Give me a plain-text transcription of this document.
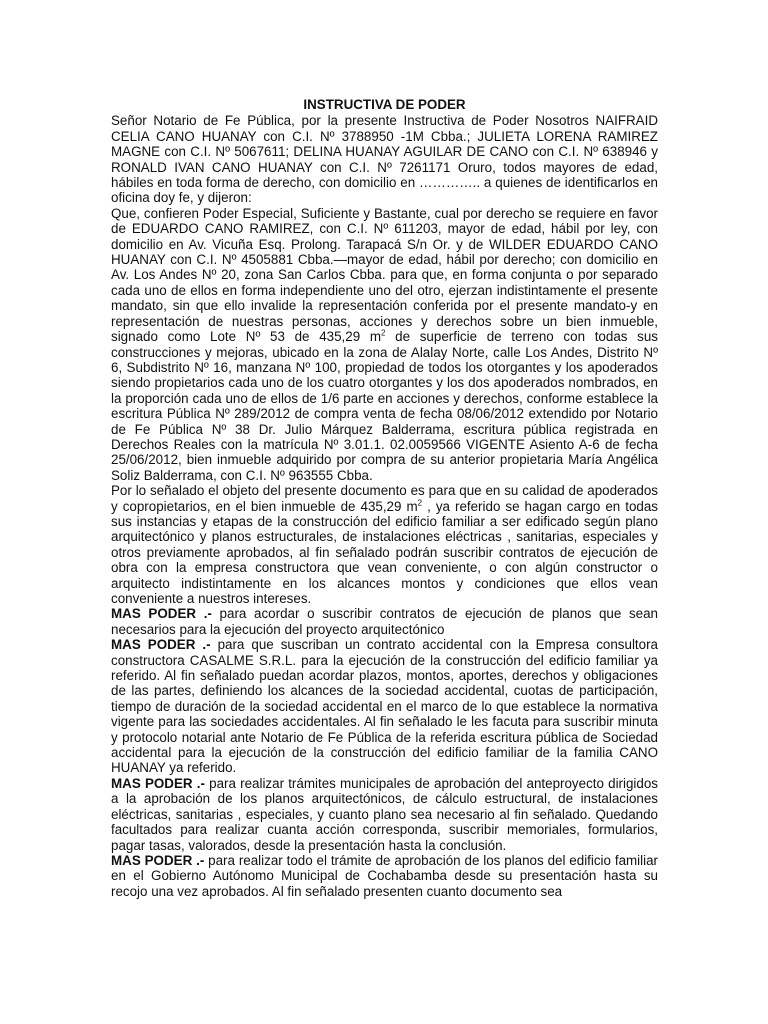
INSTRUCTIVA DE PODER

Señor Notario de Fe Pública, por la presente Instructiva de Poder Nosotros NAIFRAID CELIA CANO HUANAY con C.I. Nº 3788950 -1M Cbba.; JULIETA LORENA RAMIREZ MAGNE con C.I. Nº 5067611; DELINA HUANAY AGUILAR DE CANO con C.I. Nº 638946 y RONALD IVAN CANO HUANAY con C.I. Nº 7261171 Oruro, todos mayores de edad, hábiles en toda forma de derecho, con domicilio en ………….. a quienes de identificarlos en oficina doy fe, y dijeron:

Que, confieren Poder Especial, Suficiente y Bastante, cual por derecho se requiere en favor de EDUARDO CANO RAMIREZ, con C.I. Nº 611203, mayor de edad, hábil por ley, con domicilio en Av. Vicuña Esq. Prolong. Tarapacá S/n Or. y de WILDER EDUARDO CANO HUANAY con C.I. Nº 4505881 Cbba.—mayor de edad, hábil por derecho; con domicilio en Av. Los Andes Nº 20, zona San Carlos Cbba. para que, en forma conjunta o por separado cada uno de ellos en forma independiente uno del otro, ejerzan indistintamente el presente mandato, sin que ello invalide la representación conferida por el presente mandato-y en representación de nuestras personas, acciones y derechos sobre un bien inmueble, signado como Lote Nº 53 de 435,29 $m^2$ de superficie de terreno con todas sus construcciones y mejoras, ubicado en la zona de Alalay Norte, calle Los Andes, Distrito Nº 6, Subdistrito Nº 16, manzana Nº 100, propiedad de todos los otorgantes y los apoderados siendo propietarios cada uno de los cuatro otorgantes y los dos apoderados nombrados, en la proporción cada uno de ellos de 1/6 parte en acciones y derechos, conforme establece la escritura Pública Nº 289/2012 de compra venta de fecha 08/06/2012 extendido por Notario de Fe Pública Nº 38 Dr. Julio Márquez Balderrama, escritura pública registrada en Derechos Reales con la matrícula Nº 3.01.1. 02.0059566 VIGENTE Asiento A-6 de fecha 25/06/2012, bien inmueble adquirido por compra de su anterior propietaria María Angélica Soliz Balderrama, con C.I. Nº 963555 Cbba.

Por lo señalado el objeto del presente documento es para que en su calidad de apoderados y copropietarios, en el bien inmueble de 435,29 $m^2$ , ya referido se hagan cargo en todas sus instancias y etapas de la construcción del edificio familiar a ser edificado según plano arquitectónico y planos estructurales, de instalaciones eléctricas , sanitarias, especiales y otros previamente aprobados, al fin señalado podrán suscribir contratos de ejecución de obra con la empresa constructora que vean conveniente, o con algún constructor o arquitecto indistintamente en los alcances montos y condiciones que ellos vean conveniente a nuestros intereses.

MAS PODER .- para acordar o suscribir contratos de ejecución de planos que sean necesarios para la ejecución del proyecto arquitectónico

MAS PODER .- para que suscriban un contrato accidental con la Empresa consultora constructora CASALME S.R.L. para la ejecución de la construcción del edificio familiar ya referido. Al fin señalado puedan acordar plazos, montos, aportes, derechos y obligaciones de las partes, definiendo los alcances de la sociedad accidental, cuotas de participación, tiempo de duración de la sociedad accidental en el marco de lo que establece la normativa vigente para las sociedades accidentales. Al fin señalado le les facuta para suscribir minuta y protocolo notarial ante Notario de Fe Pública de la referida escritura pública de Sociedad accidental para la ejecución de la construcción del edificio familiar de la familia CANO HUANAY ya referido.

MAS PODER .- para realizar trámites municipales de aprobación del anteproyecto dirigidos a la aprobación de los planos arquitectónicos, de cálculo estructural, de instalaciones eléctricas, sanitarias , especiales, y cuanto plano sea necesario al fin señalado. Quedando facultados para realizar cuanta acción corresponda, suscribir memoriales, formularios, pagar tasas, valorados, desde la presentación hasta la conclusión.

MAS PODER .- para realizar todo el trámite de aprobación de los planos del edificio familiar en el Gobierno Autónomo Municipal de Cochabamba desde su presentación hasta su recojo una vez aprobados. Al fin señalado presenten cuanto documento sea
